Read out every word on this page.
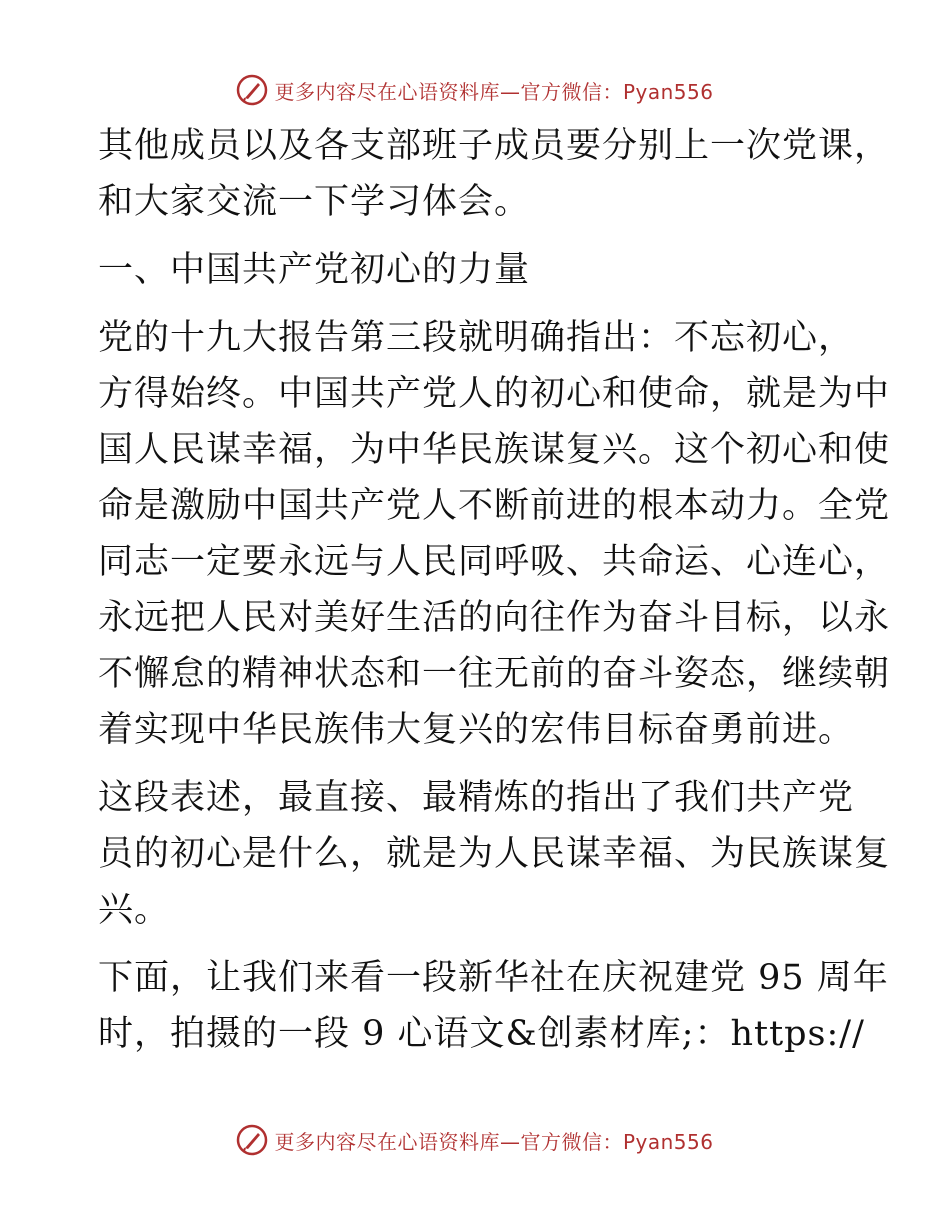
更多内容尽在心语资料库—官方微信：Pyan556
其他成员以及各支部班子成员要分别上一次党课，
和大家交流一下学习体会。
一、中国共产党初心的力量
党的十九大报告第三段就明确指出：不忘初心，
方得始终。中国共产党人的初心和使命，就是为中
国人民谋幸福，为中华民族谋复兴。这个初心和使
命是激励中国共产党人不断前进的根本动力。全党
同志一定要永远与人民同呼吸、共命运、心连心，
永远把人民对美好生活的向往作为奋斗目标，以永
不懈怠的精神状态和一往无前的奋斗姿态，继续朝
着实现中华民族伟大复兴的宏伟目标奋勇前进。
这段表述，最直接、最精炼的指出了我们共产党
员的初心是什么，就是为人民谋幸福、为民族谋复
兴。
下面，让我们来看一段新华社在庆祝建党 95 周年
时，拍摄的一段 9 心语文&创素材库;：https://
更多内容尽在心语资料库—官方微信：Pyan556
